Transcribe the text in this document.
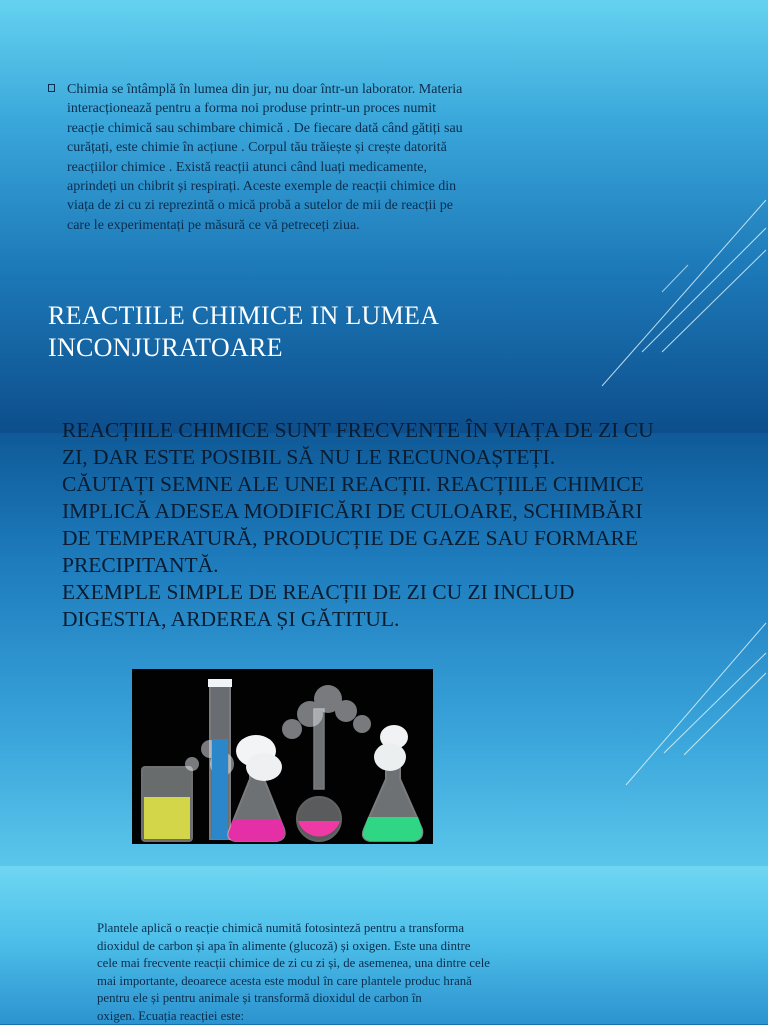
Chimia se întâmplă în lumea din jur, nu doar într-un laborator. Materia
interacționează pentru a forma noi produse printr-un proces numit
reacție chimică sau schimbare chimică . De fiecare dată când gătiți sau
curățați, este chimie în acțiune . Corpul tău trăiește și crește datorită
reacțiilor chimice . Există reacții atunci când luați medicamente,
aprindeți un chibrit și respirați. Aceste exemple de reacții chimice din
viața de zi cu zi reprezintă o mică probă a sutelor de mii de reacții pe
care le experimentați pe măsură ce vă petreceți ziua.
REACTIILE CHIMICE IN LUMEA
INCONJURATOARE
REACȚIILE CHIMICE SUNT FRECVENTE ÎN VIAȚA DE ZI CU
ZI, DAR ESTE POSIBIL SĂ NU LE RECUNOAȘTEȚI.
CĂUTAȚI SEMNE ALE UNEI REACȚII. REACȚIILE CHIMICE
IMPLICĂ ADESEA MODIFICĂRI DE CULOARE, SCHIMBĂRI
DE TEMPERATURĂ, PRODUCȚIE DE GAZE SAU FORMARE
PRECIPITANTĂ.
EXEMPLE SIMPLE DE REACȚII DE ZI CU ZI INCLUD
DIGESTIA, ARDEREA ȘI GĂTITUL.
Plantele aplică o reacție chimică numită fotosinteză pentru a transforma
dioxidul de carbon și apa în alimente (glucoză) și oxigen. Este una dintre
cele mai frecvente reacții chimice de zi cu zi și, de asemenea, una dintre cele
mai importante, deoarece acesta este modul în care plantele produc hrană
pentru ele și pentru animale și transformă dioxidul de carbon în
oxigen. Ecuația reacției este:
